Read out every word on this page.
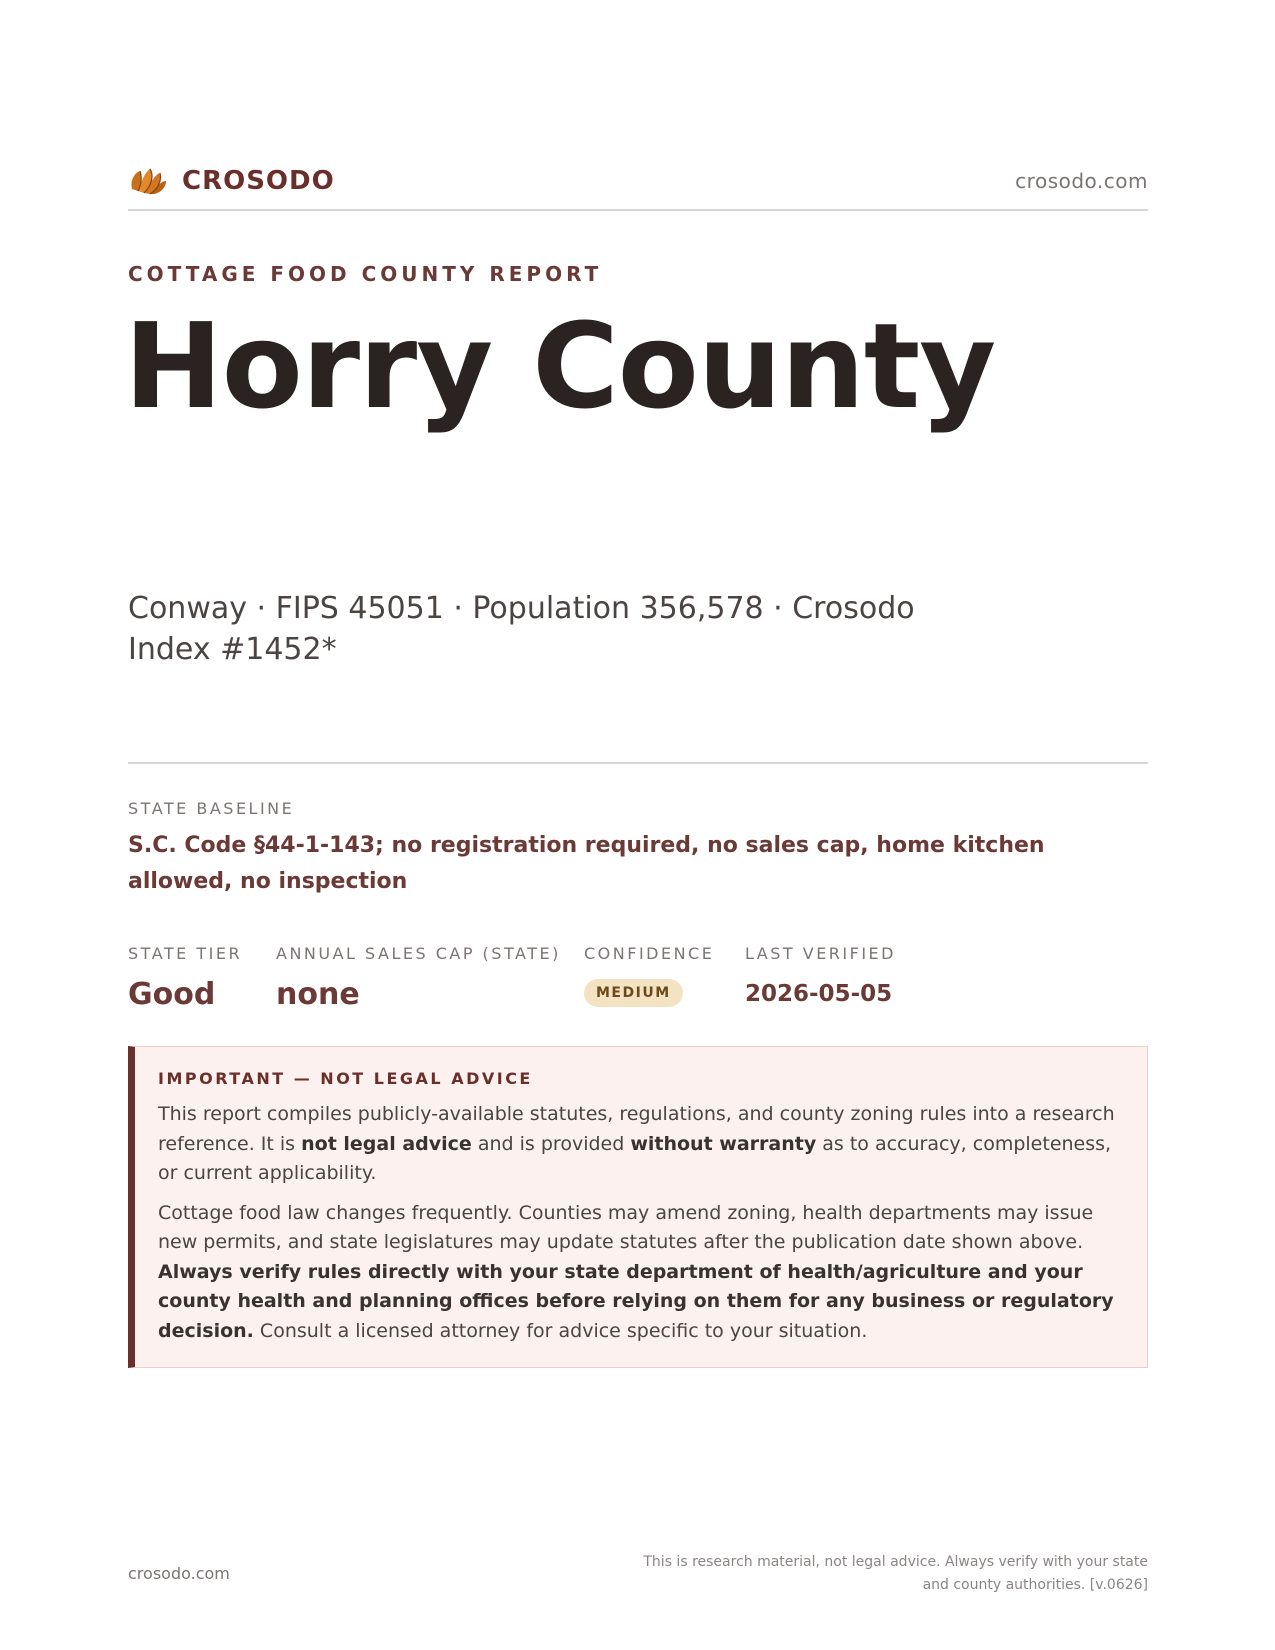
CROSODO	crosodo.com
COTTAGE FOOD COUNTY REPORT
Horry County
Conway · FIPS 45051 · Population 356,578 · Crosodo Index #1452*
STATE BASELINE
S.C. Code §44-1-143; no registration required, no sales cap, home kitchen allowed, no inspection
STATE TIER
Good
ANNUAL SALES CAP (STATE)
none
CONFIDENCE
MEDIUM
LAST VERIFIED
2026-05-05
IMPORTANT — NOT LEGAL ADVICE

This report compiles publicly-available statutes, regulations, and county zoning rules into a research reference. It is not legal advice and is provided without warranty as to accuracy, completeness, or current applicability.

Cottage food law changes frequently. Counties may amend zoning, health departments may issue new permits, and state legislatures may update statutes after the publication date shown above. Always verify rules directly with your state department of health/agriculture and your county health and planning offices before relying on them for any business or regulatory decision. Consult a licensed attorney for advice specific to your situation.

crosodo.com
This is research material, not legal advice. Always verify with your state and county authorities. [v.0626]
